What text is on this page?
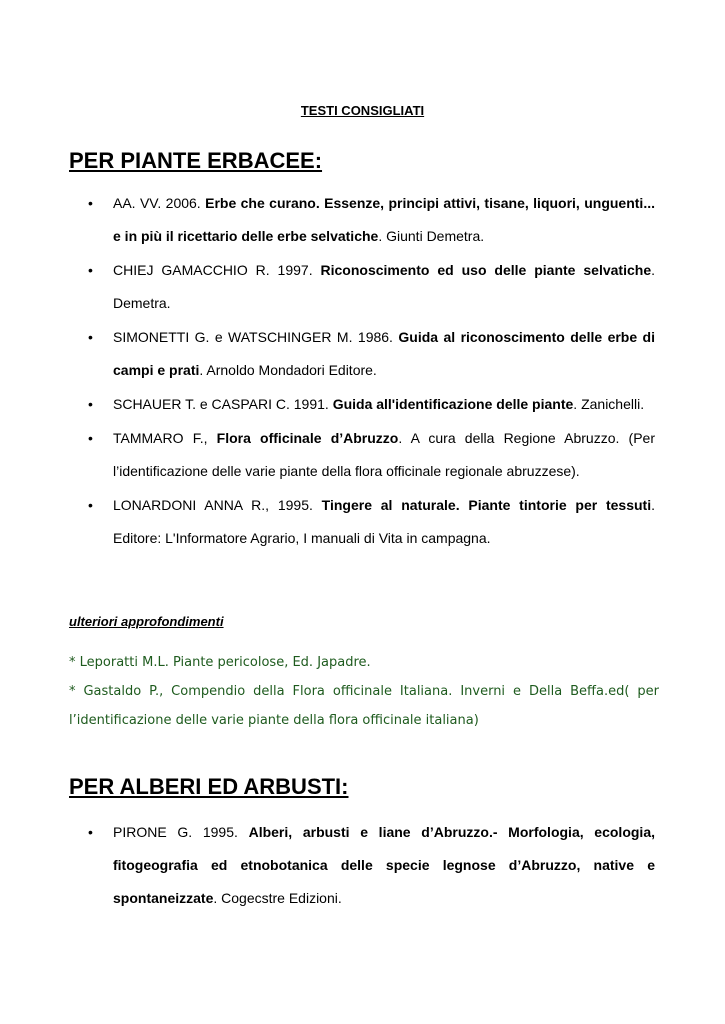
TESTI CONSIGLIATI
PER PIANTE ERBACEE:
• AA. VV. 2006. Erbe che curano. Essenze, principi attivi, tisane, liquori, unguenti... e in più il ricettario delle erbe selvatiche. Giunti Demetra.
• CHIEJ GAMACCHIO R. 1997. Riconoscimento ed uso delle piante selvatiche. Demetra.
• SIMONETTI G. e WATSCHINGER M. 1986. Guida al riconoscimento delle erbe di campi e prati. Arnoldo Mondadori Editore.
• SCHAUER T. e CASPARI C. 1991. Guida all'identificazione delle piante. Zanichelli.
• TAMMARO F., Flora officinale d’Abruzzo. A cura della Regione Abruzzo. (Per l’identificazione delle varie piante della flora officinale regionale abruzzese).
• LONARDONI ANNA R., 1995. Tingere al naturale. Piante tintorie per tessuti. Editore: L'Informatore Agrario, I manuali di Vita in campagna.
ulteriori approfondimenti
* Leporatti M.L. Piante pericolose, Ed. Japadre.
* Gastaldo P., Compendio della Flora officinale Italiana. Inverni e Della Beffa.ed( per l’identificazione delle varie piante della flora officinale italiana)
PER ALBERI ED ARBUSTI:
• PIRONE G. 1995. Alberi, arbusti e liane d’Abruzzo.- Morfologia, ecologia, fitogeografia ed etnobotanica delle specie legnose d’Abruzzo, native e spontaneizzate. Cogecstre Edizioni.
